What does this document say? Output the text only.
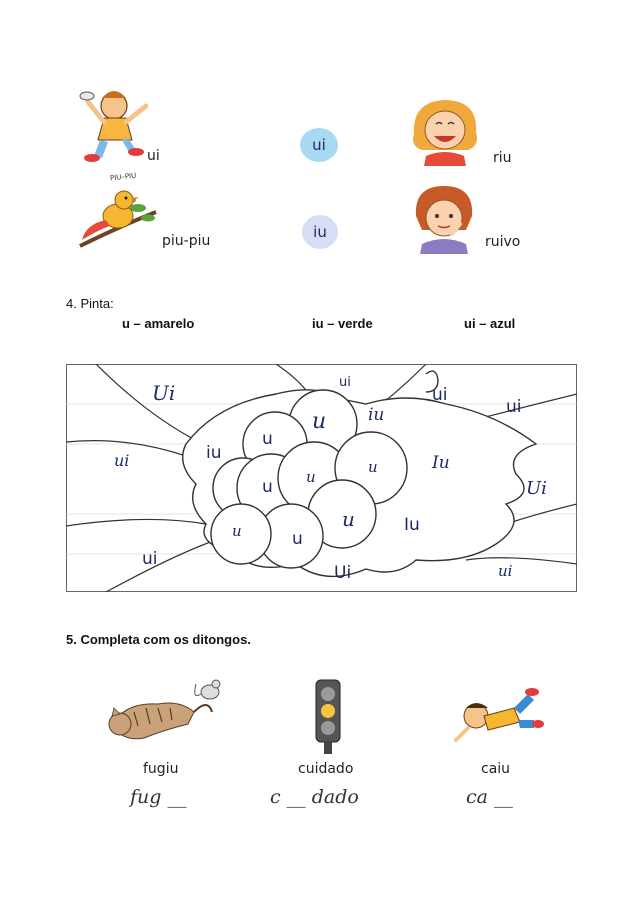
ui
ui
riu
PIU–PIU
piu-piu	iu
ruivo
4. Pinta:
u – amarelo	iu – verde	ui – azul
Ui	ui
ui
ui
iu
u
u
iu
ui	u
u
Iu
u	Ui
u
u	u
Iu
ui
Ui	ui
5. Completa com os ditongos.
fugiu
fug __
cuidado
c __ dado
caiu
ca __
